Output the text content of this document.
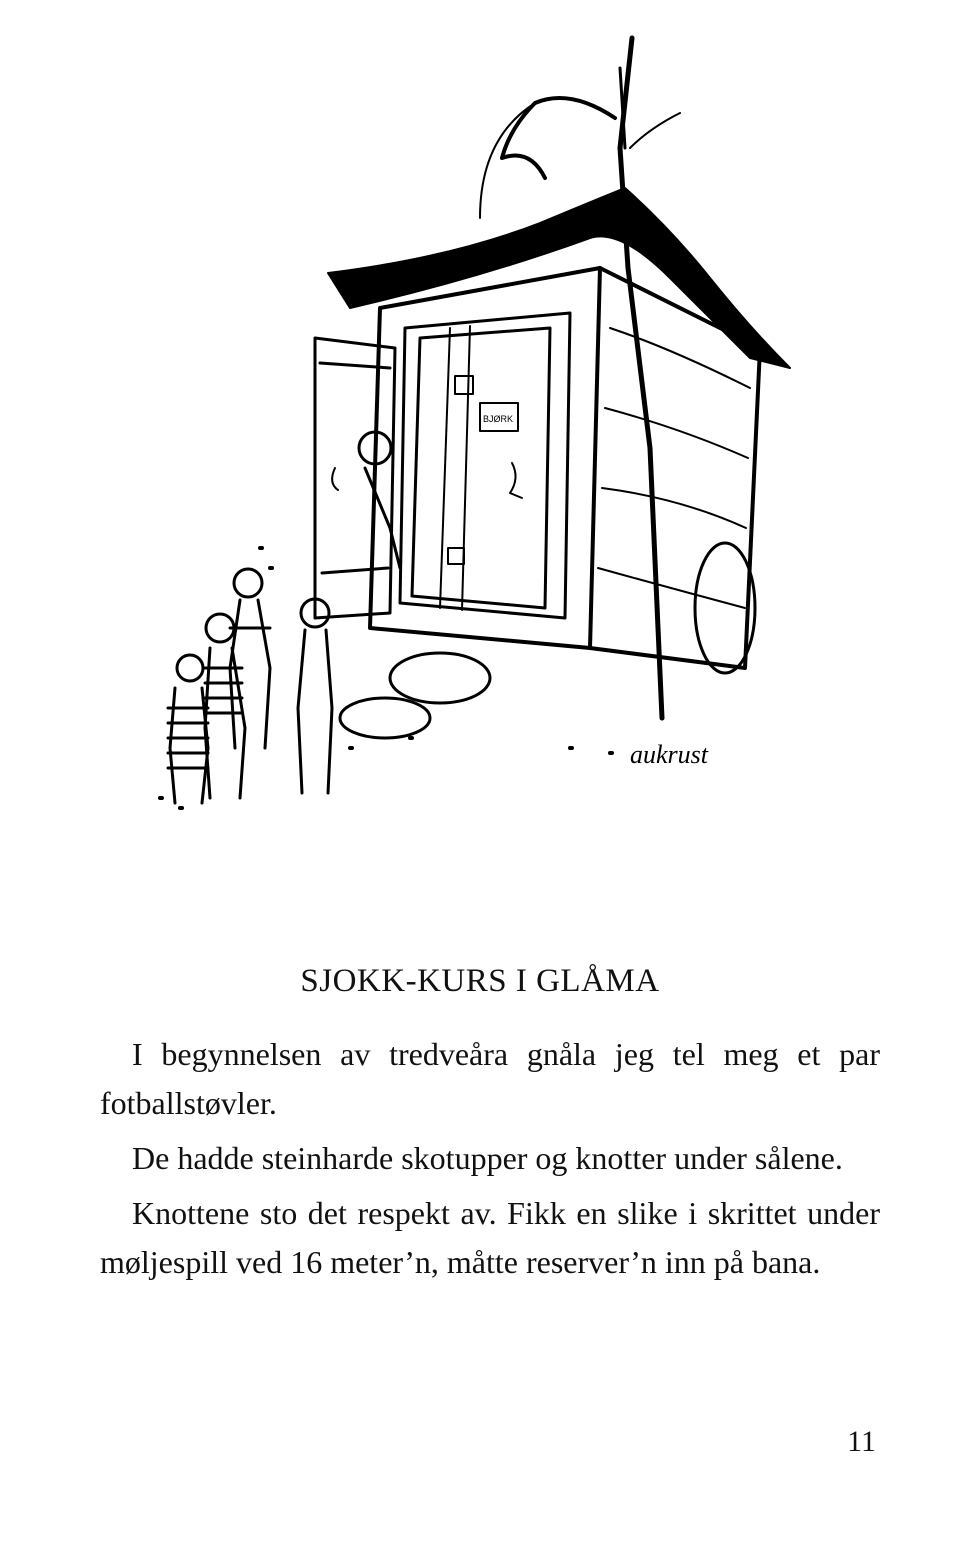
aukrust
BJØRK
SJOKK-KURS I GLÅMA

I begynnelsen av tredveåra gnåla jeg tel meg et par fotballstøvler.

De hadde steinharde skotupper og knotter under sålene.

Knottene sto det respekt av. Fikk en slike i skrittet under møljespill ved 16 meter’n, måtte reserver’n inn på bana.

11
